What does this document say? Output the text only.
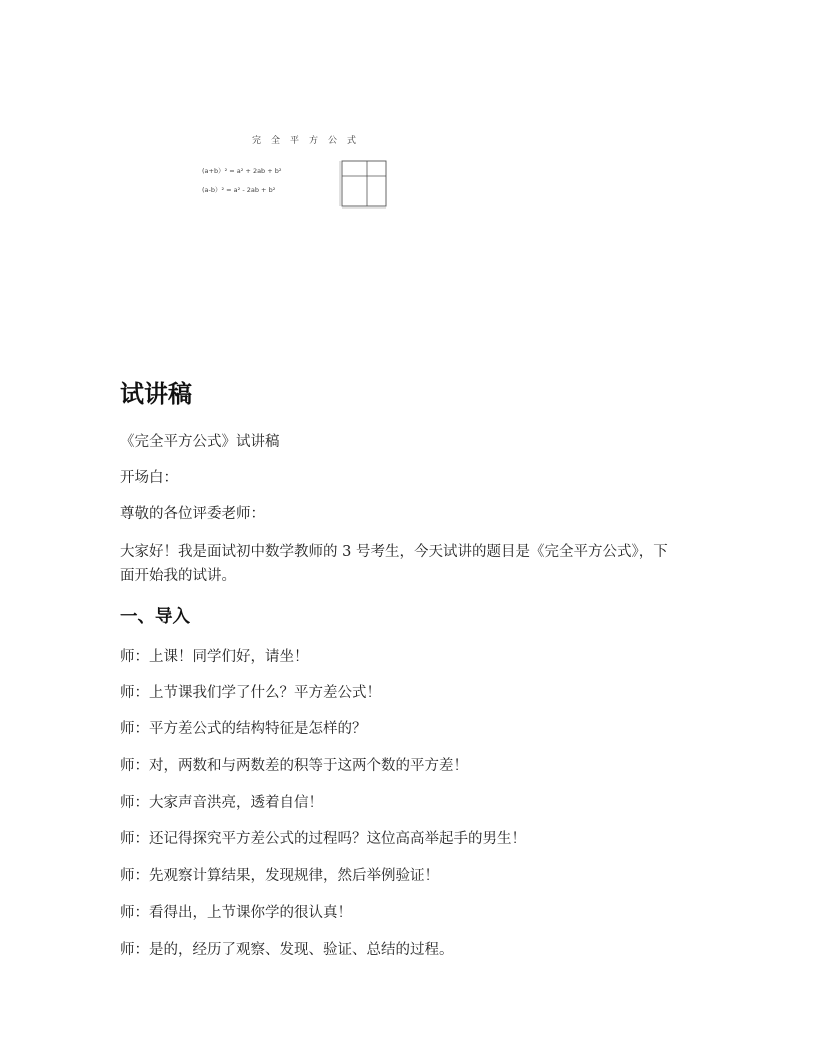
完全平方公式
(a+b）² = a² + 2ab + b²
(a-b）² = a² - 2ab + b²
试讲稿

《完全平方公式》试讲稿

开场白：

尊敬的各位评委老师：

大家好！我是面试初中数学教师的 3 号考生，今天试讲的题目是《完全平方公式》，下面开始我的试讲。

一、导入

师：上课！同学们好，请坐！

师：上节课我们学了什么？平方差公式！

师：平方差公式的结构特征是怎样的？

师：对，两数和与两数差的积等于这两个数的平方差！

师：大家声音洪亮，透着自信！

师：还记得探究平方差公式的过程吗？这位高高举起手的男生！

师：先观察计算结果，发现规律，然后举例验证！

师：看得出，上节课你学的很认真！

师：是的，经历了观察、发现、验证、总结的过程。
